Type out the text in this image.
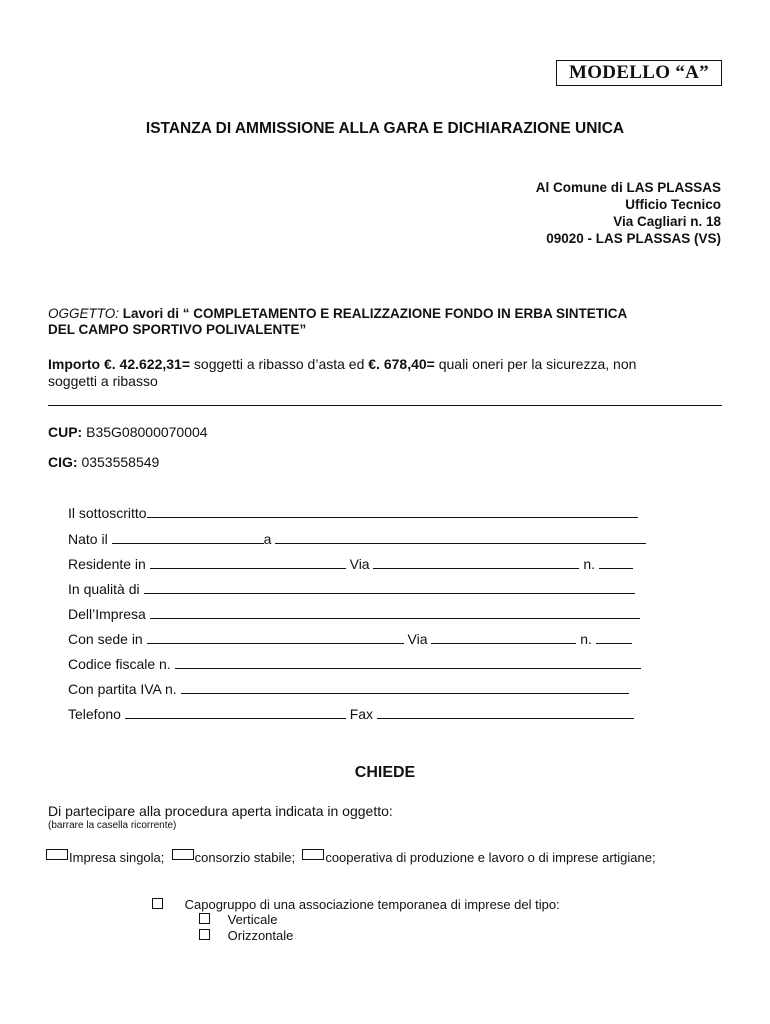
MODELLO “A”
ISTANZA DI AMMISSIONE ALLA GARA E DICHIARAZIONE UNICA
Al Comune di LAS PLASSAS
Ufficio Tecnico
Via Cagliari n. 18
09020 - LAS PLASSAS (VS)
OGGETTO: Lavori di “ COMPLETAMENTO E REALIZZAZIONE FONDO IN ERBA SINTETICA
DEL CAMPO SPORTIVO POLIVALENTE”
Importo €. 42.622,31= soggetti a ribasso d’asta ed €. 678,40= quali oneri per la sicurezza, non
soggetti a ribasso
CUP: B35G08000070004
CIG: 0353558549
Il sottoscritto
Nato il	a
Residente in	Via	n.
In qualità di
Dell’Impresa
Con sede in	Via	n.
Codice fiscale n.
Con partita IVA n.
Telefono	Fax
CHIEDE
Di partecipare alla procedura aperta indicata in oggetto:
(barrare la casella ricorrente)
Impresa singola; consorzio stabile; cooperativa di produzione e lavoro o di imprese artigiane;
Capogruppo di una associazione temporanea di imprese del tipo:
Verticale
Orizzontale
